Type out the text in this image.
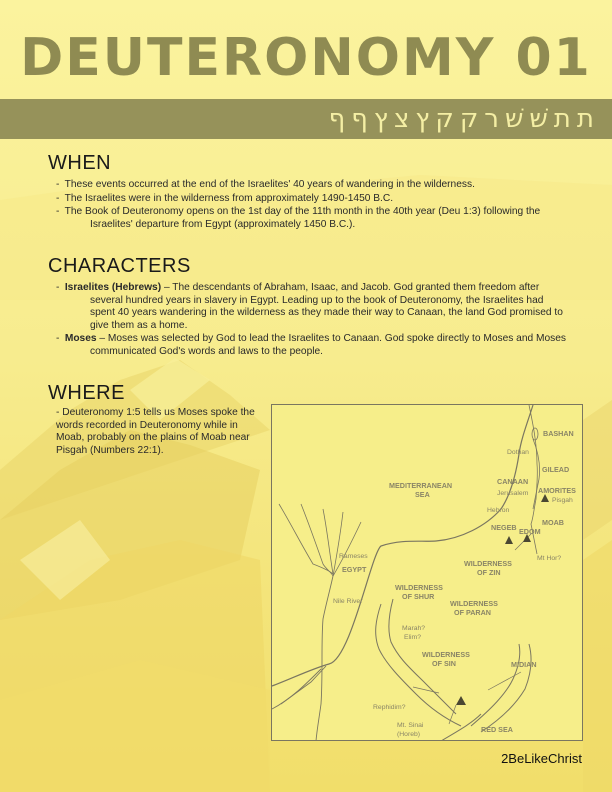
DEUTERONOMY 01
תתשׁשׁרקקץצץףף
WHEN
- These events occurred at the end of the Israelites' 40 years of wandering in the wilderness.
- The Israelites were in the wilderness from approximately 1490-1450 B.C.
- The Book of Deuteronomy opens on the 1st day of the 11th month in the 40th year (Deu 1:3) following the Israelites' departure from Egypt (approximately 1450 B.C.).
CHARACTERS
- Israelites (Hebrews) – The descendants of Abraham, Isaac, and Jacob. God granted them freedom after several hundred years in slavery in Egypt. Leading up to the book of Deuteronomy, the Israelites had spent 40 years wandering in the wilderness as they made their way to Canaan, the land God promised to give them as a home.
- Moses – Moses was selected by God to lead the Israelites to Canaan. God spoke directly to Moses and Moses communicated God's words and laws to the people.
WHERE
- Deuteronomy 1:5 tells us Moses spoke the words recorded in Deuteronomy while in Moab, probably on the plains of Moab near Pisgah (Numbers 22:1).
BASHAN
Dothan
GILEAD
MEDITERRANEAN
SEA
CANAAN
Jerusalem AMORITES
Pisgah
Hebron
MOAB
NEGEB EDOM
Mt Hor?
Rameses
EGYPT
WILDERNESS
OF ZIN
WILDERNESS
OF SHUR
WILDERNESS
OF PARAN
Nile River
Marah?
Elim?
WILDERNESS
OF SIN	MIDIAN
Rephidim?
Mt. Sinai
(Horeb)
RED SEA
2BeLikeChrist
